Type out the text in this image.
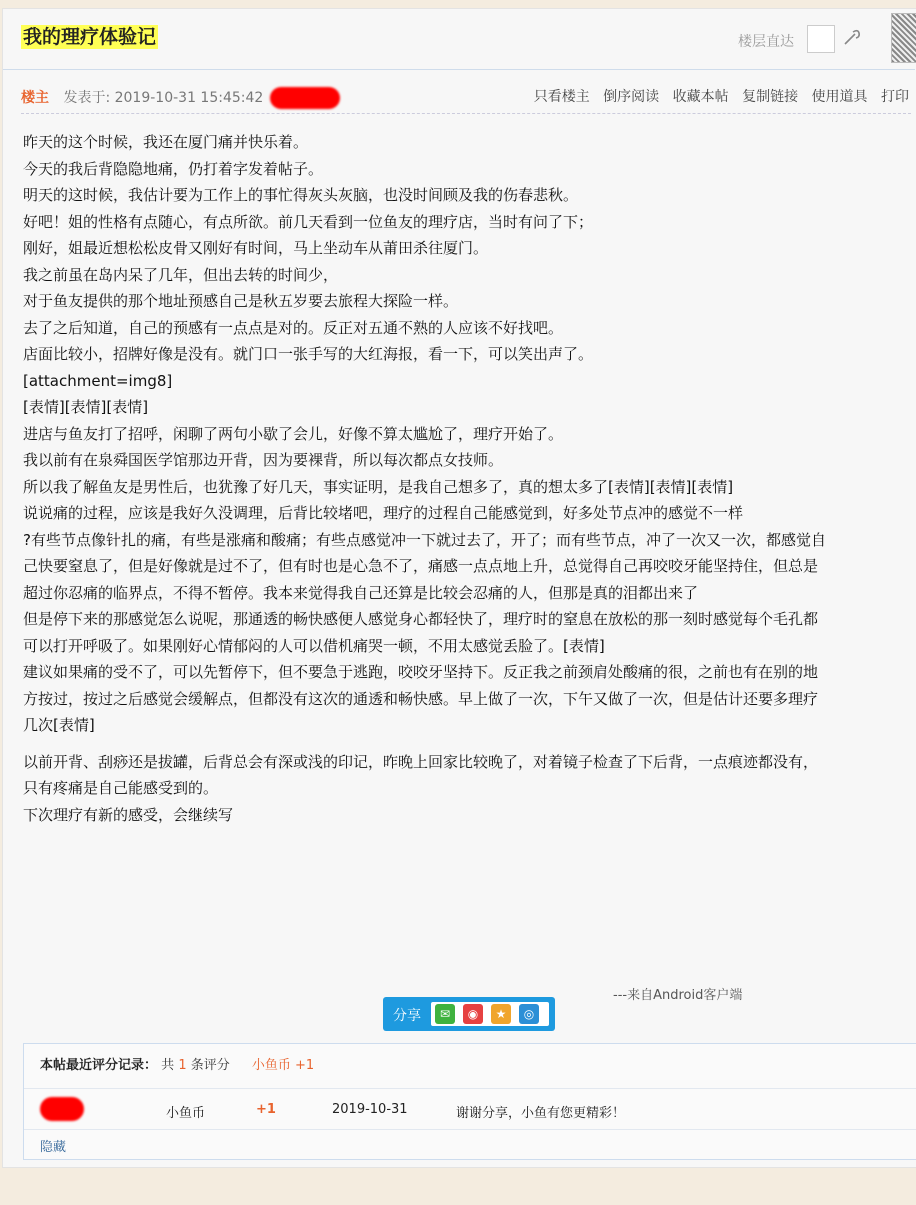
我的理疗体验记	楼层直达
楼主 发表于: 2019-10-31 15:45:42	只看楼主 倒序阅读 收藏本帖 复制链接 使用道具 打印

昨天的这个时候，我还在厦门痛并快乐着。

今天的我后背隐隐地痛，仍打着字发着帖子。

明天的这时候，我估计要为工作上的事忙得灰头灰脑，也没时间顾及我的伤春悲秋。

好吧！姐的性格有点随心，有点所欲。前几天看到一位鱼友的理疗店，当时有问了下；

刚好，姐最近想松松皮骨又刚好有时间，马上坐动车从莆田杀往厦门。

我之前虽在岛内呆了几年，但出去转的时间少，

对于鱼友提供的那个地址预感自己是秋五岁要去旅程大探险一样。

去了之后知道，自己的预感有一点点是对的。反正对五通不熟的人应该不好找吧。

店面比较小，招牌好像是没有。就门口一张手写的大红海报，看一下，可以笑出声了。

[attachment=img8]

[表情][表情][表情]

进店与鱼友打了招呼，闲聊了两句小歇了会儿，好像不算太尴尬了，理疗开始了。

我以前有在泉舜国医学馆那边开背，因为要裸背，所以每次都点女技师。

所以我了解鱼友是男性后，也犹豫了好几天，事实证明，是我自己想多了，真的想太多了[表情][表情][表情]

说说痛的过程，应该是我好久没调理，后背比较堵吧，理疗的过程自己能感觉到，好多处节点冲的感觉不一样

?有些节点像针扎的痛，有些是涨痛和酸痛；有些点感觉冲一下就过去了，开了；而有些节点，冲了一次又一次，都感觉自

己快要窒息了，但是好像就是过不了，但有时也是心急不了，痛感一点点地上升，总觉得自己再咬咬牙能坚持住，但总是

超过你忍痛的临界点，不得不暂停。我本来觉得我自己还算是比较会忍痛的人，但那是真的泪都出来了

但是停下来的那感觉怎么说呢，那通透的畅快感便人感觉身心都轻快了，理疗时的窒息在放松的那一刻时感觉每个毛孔都

可以打开呼吸了。如果刚好心情郁闷的人可以借机痛哭一顿，不用太感觉丢脸了。[表情]

建议如果痛的受不了，可以先暂停下，但不要急于逃跑，咬咬牙坚持下。反正我之前颈肩处酸痛的很，之前也有在别的地

方按过，按过之后感觉会缓解点，但都没有这次的通透和畅快感。早上做了一次，下午又做了一次，但是估计还要多理疗

几次[表情]

以前开背、刮痧还是拔罐，后背总会有深或浅的印记，昨晚上回家比较晚了，对着镜子检查了下后背，一点痕迹都没有，

只有疼痛是自己能感受到的。

下次理疗有新的感受，会继续写

---来自Android客户端
分享	✉	◉	★	◎
本帖最近评分记录： 共 1 条评分 小鱼币 +1
小鱼币	+1	2019-10-31	谢谢分享，小鱼有您更精彩！
隐藏
